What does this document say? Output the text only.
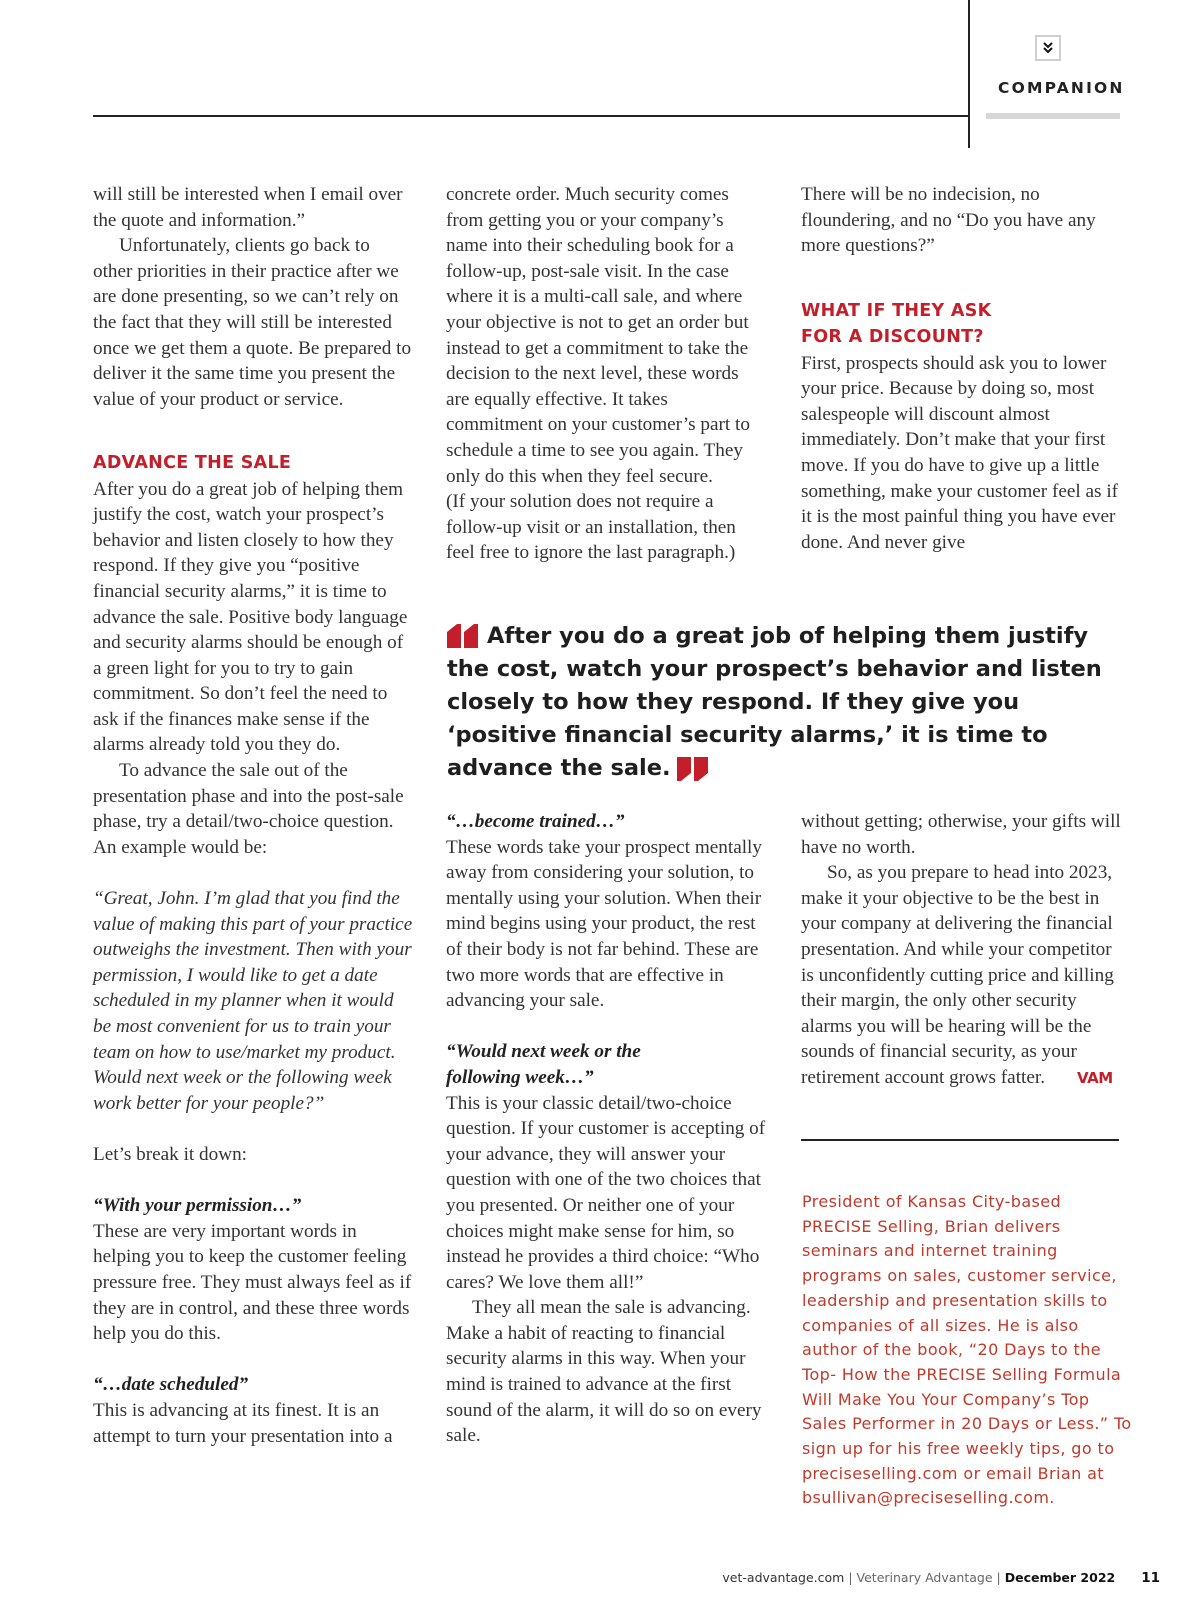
COMPANION

will still be interested when I email over the quote and information.”

Unfortunately, clients go back to other priorities in their practice after we are done presenting, so we can’t rely on the fact that they will still be interested once we get them a quote. Be prepared to deliver it the same time you present the value of your product or service.

ADVANCE THE SALE

After you do a great job of helping them justify the cost, watch your prospect’s behavior and listen closely to how they respond. If they give you “positive financial security alarms,” it is time to advance the sale. Positive body language and security alarms should be enough of a green light for you to try to gain commitment. So don’t feel the need to ask if the finances make sense if the alarms already told you they do.

To advance the sale out of the presentation phase and into the post-sale phase, try a detail/two-choice question. An example would be:

“Great, John. I’m glad that you find the value of making this part of your practice outweighs the investment. Then with your permission, I would like to get a date scheduled in my planner when it would be most convenient for us to train your team on how to use/market my product. Would next week or the following week work better for your people?”

Let’s break it down:

“With your permission…”

These are very important words in helping you to keep the customer feeling pressure free. They must always feel as if they are in control, and these three words help you do this.

“…date scheduled”

This is advancing at its finest. It is an attempt to turn your presentation into a

concrete order. Much security comes from getting you or your company’s name into their scheduling book for a follow-up, post-sale visit. In the case where it is a multi-call sale, and where your objective is not to get an order but instead to get a commitment to take the decision to the next level, these words are equally effective. It takes commitment on your customer’s part to schedule a time to see you again. They only do this when they feel secure.

(If your solution does not require a follow-up visit or an installation, then feel free to ignore the last paragraph.)

There will be no indecision, no floundering, and no “Do you have any more questions?”

WHAT IF THEY ASK
FOR A DISCOUNT?

First, prospects should ask you to lower your price. Because by doing so, most salespeople will discount almost immediately. Don’t make that your first move. If you do have to give up a little something, make your customer feel as if it is the most painful thing you have ever done. And never give

After you do a great job of helping them justify the cost, watch your prospect’s behavior and listen closely to how they respond. If they give you ‘positive financial security alarms,’ it is time to advance the sale.

“…become trained…”

These words take your prospect mentally away from considering your solution, to mentally using your solution. When their mind begins using your product, the rest of their body is not far behind. These are two more words that are effective in advancing your sale.

“Would next week or the
following week…”

This is your classic detail/two-choice question. If your customer is accepting of your advance, they will answer your question with one of the two choices that you presented. Or neither one of your choices might make sense for him, so instead he provides a third choice: “Who cares? We love them all!”

They all mean the sale is advancing. Make a habit of reacting to financial security alarms in this way. When your mind is trained to advance at the first sound of the alarm, it will do so on every sale.

without getting; otherwise, your gifts will have no worth.

So, as you prepare to head into 2023, make it your objective to be the best in your company at delivering the financial presentation. And while your competitor is unconfidently cutting price and killing their margin, the only other security alarms you will be hearing will be the sounds of financial security, as your retirement account grows fatter. VAM

President of Kansas City-based PRECISE Selling, Brian delivers seminars and internet training programs on sales, customer service, leadership and presentation skills to companies of all sizes. He is also author of the book, “20 Days to the Top- How the PRECISE Selling Formula Will Make You Your Company’s Top Sales Performer in 20 Days or Less.” To sign up for his free weekly tips, go to preciseselling.com or email Brian at bsullivan@preciseselling.com.
vet-advantage.com | Veterinary Advantage | December 2022 11
